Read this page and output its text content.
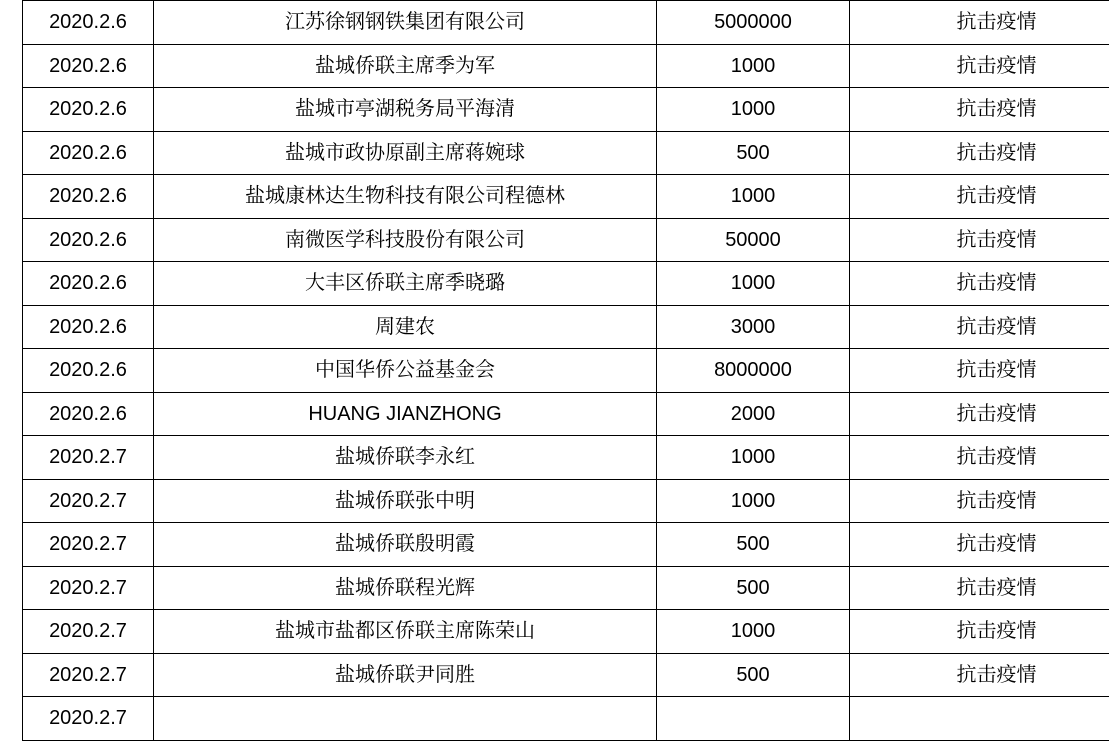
2020.2.6	江苏徐钢钢铁集团有限公司	5000000	抗击疫情
2020.2.6	盐城侨联主席季为军	1000	抗击疫情
2020.2.6	盐城市亭湖税务局平海清	1000	抗击疫情
2020.2.6	盐城市政协原副主席蒋婉球	500	抗击疫情
2020.2.6	盐城康林达生物科技有限公司程德林	1000	抗击疫情
2020.2.6	南微医学科技股份有限公司	50000	抗击疫情
2020.2.6	大丰区侨联主席季晓璐	1000	抗击疫情
2020.2.6	周建农	3000	抗击疫情
2020.2.6	中国华侨公益基金会	8000000	抗击疫情
2020.2.6	HUANG JIANZHONG	2000	抗击疫情
2020.2.7	盐城侨联李永红	1000	抗击疫情
2020.2.7	盐城侨联张中明	1000	抗击疫情
2020.2.7	盐城侨联殷明霞	500	抗击疫情
2020.2.7	盐城侨联程光辉	500	抗击疫情
2020.2.7	盐城市盐都区侨联主席陈荣山	1000	抗击疫情
2020.2.7	盐城侨联尹同胜	500	抗击疫情
2020.2.7			
